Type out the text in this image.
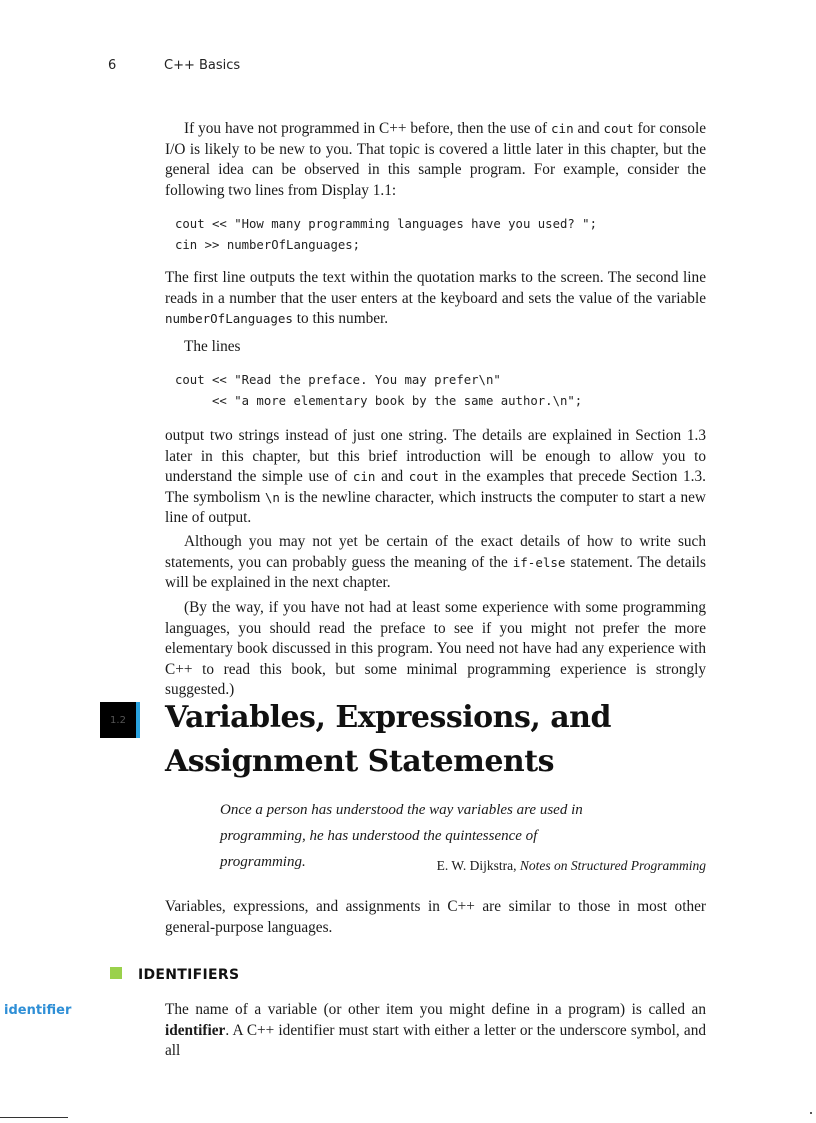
6	C++ Basics

If you have not programmed in C++ before, then the use of cin and cout for console I/O is likely to be new to you. That topic is covered a little later in this chapter, but the general idea can be observed in this sample program. For example, consider the following two lines from Display 1.1:

cout << "How many programming languages have you used? ";
cin >> numberOfLanguages;

The first line outputs the text within the quotation marks to the screen. The second line reads in a number that the user enters at the keyboard and sets the value of the variable numberOfLanguages to this number.

The lines

cout << "Read the preface. You may prefer\n"
<< "a more elementary book by the same author.\n";

output two strings instead of just one string. The details are explained in Section 1.3 later in this chapter, but this brief introduction will be enough to allow you to understand the simple use of cin and cout in the examples that precede Section 1.3. The symbolism \n is the newline character, which instructs the computer to start a new line of output.

Although you may not yet be certain of the exact details of how to write such statements, you can probably guess the meaning of the if-else statement. The details will be explained in the next chapter.

(By the way, if you have not had at least some experience with some programming languages, you should read the preface to see if you might not prefer the more elementary book discussed in this program. You need not have had any experience with C++ to read this book, but some minimal programming experience is strongly suggested.)

1.2	Variables, Expressions, and Assignment Statements
Once a person has understood the way variables are used in programming, he has understood the quintessence of programming.	E. W. Dijkstra, Notes on Structured Programming

Variables, expressions, and assignments in C++ are similar to those in most other general-purpose languages.

IDENTIFIERS
identifier	The name of a variable (or other item you might define in a program) is called an identifier. A C++ identifier must start with either a letter or the underscore symbol, and all
